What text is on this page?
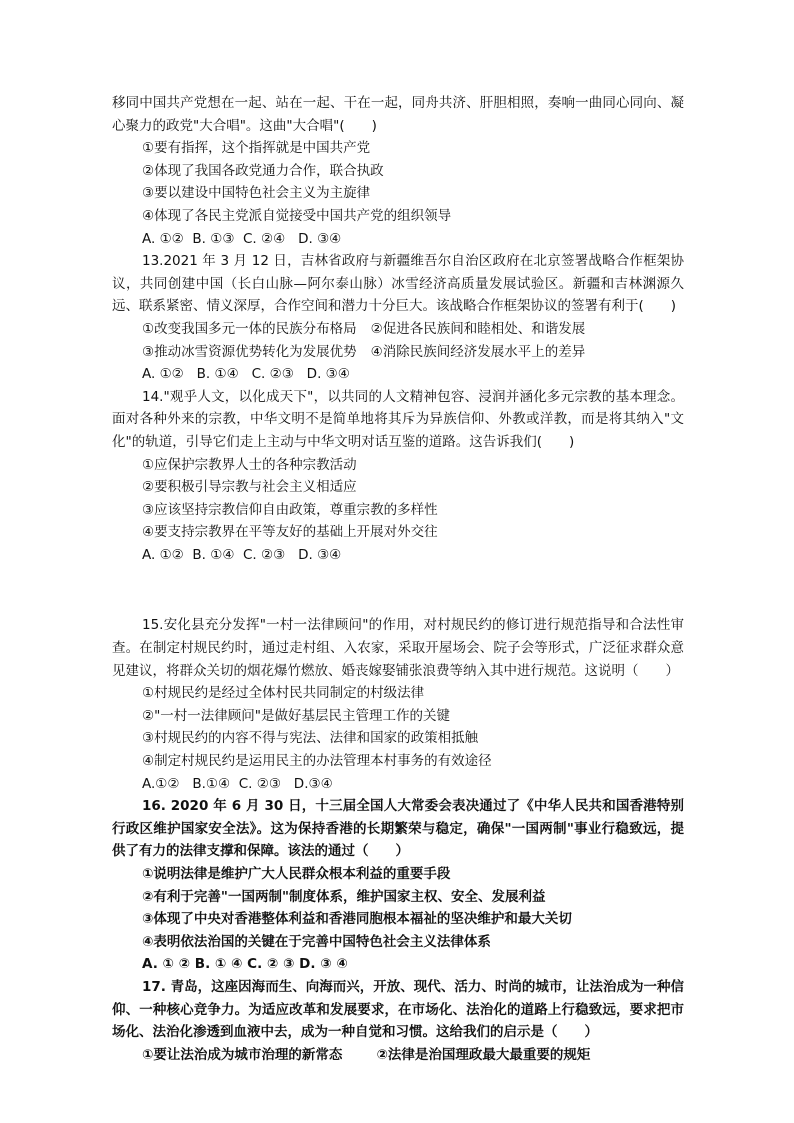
移同中国共产党想在一起、站在一起、干在一起，同舟共济、肝胆相照，奏响一曲同心同向、凝心聚力的政党"大合唱"。这曲"大合唱"(　　)

①要有指挥，这个指挥就是中国共产党

②体现了我国各政党通力合作，联合执政

③要以建设中国特色社会主义为主旋律

④体现了各民主党派自觉接受中国共产党的组织领导

A. ①②  B. ①③  C. ②④   D. ③④

13.2021 年 3 月 12 日，吉林省政府与新疆维吾尔自治区政府在北京签署战略合作框架协议，共同创建中国（长白山脉—阿尔泰山脉）冰雪经济高质量发展试验区。新疆和吉林渊源久远、联系紧密、情义深厚，合作空间和潜力十分巨大。该战略合作框架协议的签署有利于(　　)

①改变我国多元一体的民族分布格局 ②促进各民族间和睦相处、和谐发展
③推动冰雪资源优势转化为发展优势 ④消除民族间经济发展水平上的差异

A. ①②   B. ①④   C. ②③   D. ③④

14."观乎人文，以化成天下"，以共同的人文精神包容、浸润并涵化多元宗教的基本理念。面对各种外来的宗教，中华文明不是简单地将其斥为异族信仰、外教或洋教，而是将其纳入"文化"的轨道，引导它们走上主动与中华文明对话互鉴的道路。这告诉我们(　　)

①应保护宗教界人士的各种宗教活动

②要积极引导宗教与社会主义相适应

③应该坚持宗教信仰自由政策，尊重宗教的多样性

④要支持宗教界在平等友好的基础上开展对外交往

A. ①②  B. ①④  C. ②③   D. ③④

15.安化县充分发挥"一村一法律顾问"的作用，对村规民约的修订进行规范指导和合法性审查。在制定村规民约时，通过走村组、入农家，采取开屋场会、院子会等形式，广泛征求群众意见建议，将群众关切的烟花爆竹燃放、婚丧嫁娶铺张浪费等纳入其中进行规范。这说明（　　）

①村规民约是经过全体村民共同制定的村级法律

②"一村一法律顾问"是做好基层民主管理工作的关键

③村规民约的内容不得与宪法、法律和国家的政策相抵触

④制定村规民约是运用民主的办法管理本村事务的有效途径

A.①②   B.①④  C. ②③   D.③④

16. 2020 年 6 月 30 日，十三届全国人大常委会表决通过了《中华人民共和国香港特别行政区维护国家安全法》。这为保持香港的长期繁荣与稳定，确保"一国两制"事业行稳致远，提供了有力的法律支撑和保障。该法的通过（　　）

①说明法律是维护广大人民群众根本利益的重要手段

②有利于完善"一国两制"制度体系，维护国家主权、安全、发展利益

③体现了中央对香港整体利益和香港同胞根本福祉的坚决维护和最大关切

④表明依法治国的关键在于完善中国特色社会主义法律体系

A. ① ② B. ① ④ C. ② ③ D. ③ ④

17. 青岛，这座因海而生、向海而兴，开放、现代、活力、时尚的城市，让法治成为一种信仰、一种核心竞争力。为适应改革和发展要求，在市场化、法治化的道路上行稳致远，要求把市场化、法治化渗透到血液中去，成为一种自觉和习惯。这给我们的启示是（　　）

①要让法治成为城市治理的新常态	②法律是治国理政最大最重要的规矩
